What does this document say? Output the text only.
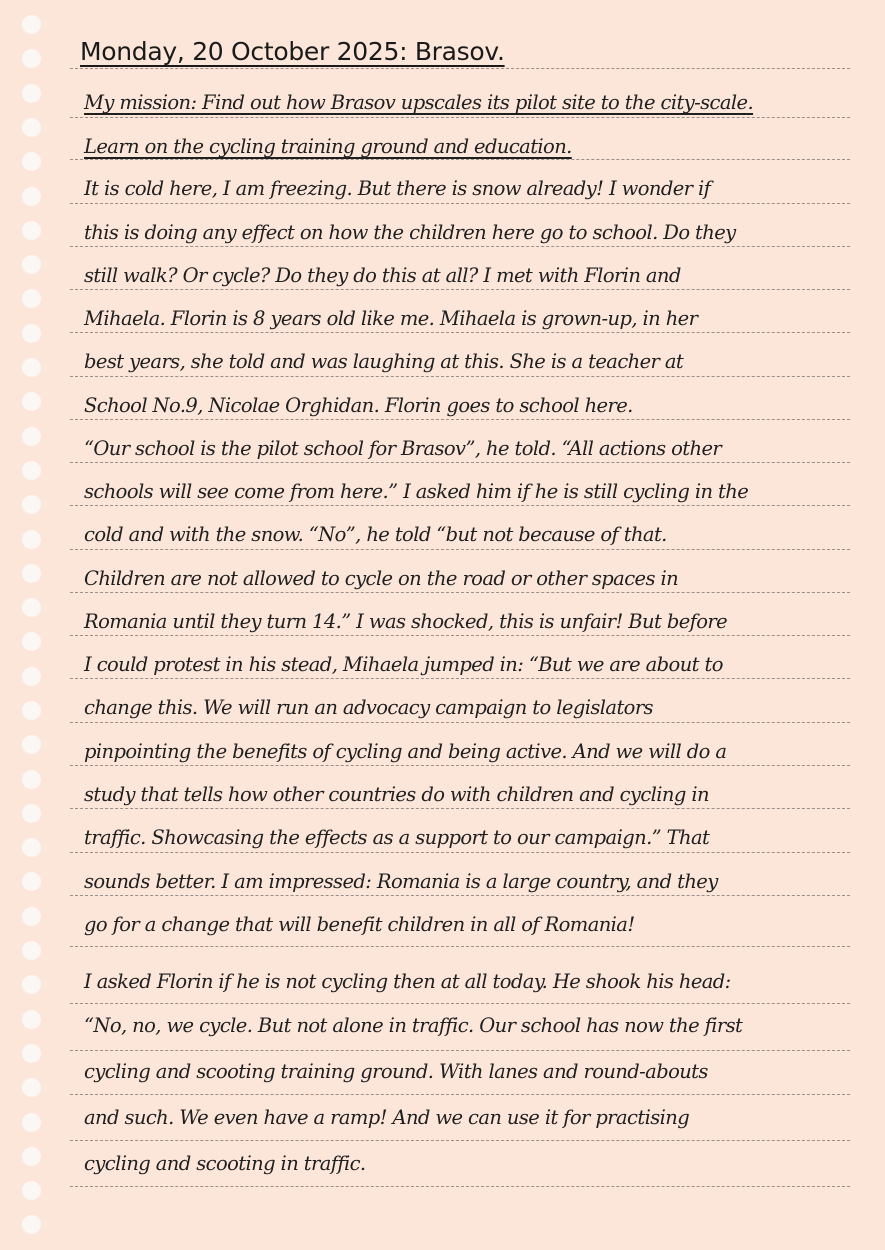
Monday, 20 October 2025: Brasov.
My mission: Find out how Brasov upscales its pilot site to the city-scale.
Learn on the cycling training ground and education.
It is cold here, I am freezing. But there is snow already! I wonder if
this is doing any effect on how the children here go to school. Do they
still walk? Or cycle? Do they do this at all? I met with Florin and
Mihaela. Florin is 8 years old like me. Mihaela is grown-up, in her
best years, she told and was laughing at this. She is a teacher at
School No.9, Nicolae Orghidan. Florin goes to school here.
“Our school is the pilot school for Brasov”, he told. “All actions other
schools will see come from here.” I asked him if he is still cycling in the
cold and with the snow. “No”, he told “but not because of that.
Children are not allowed to cycle on the road or other spaces in
Romania until they turn 14.” I was shocked, this is unfair! But before
I could protest in his stead, Mihaela jumped in: “But we are about to
change this. We will run an advocacy campaign to legislators
pinpointing the benefits of cycling and being active. And we will do a
study that tells how other countries do with children and cycling in
traffic. Showcasing the effects as a support to our campaign.” That
sounds better. I am impressed: Romania is a large country, and they
go for a change that will benefit children in all of Romania!
I asked Florin if he is not cycling then at all today. He shook his head:
“No, no, we cycle. But not alone in traffic. Our school has now the first
cycling and scooting training ground. With lanes and round-abouts
and such. We even have a ramp! And we can use it for practising
cycling and scooting in traffic.
